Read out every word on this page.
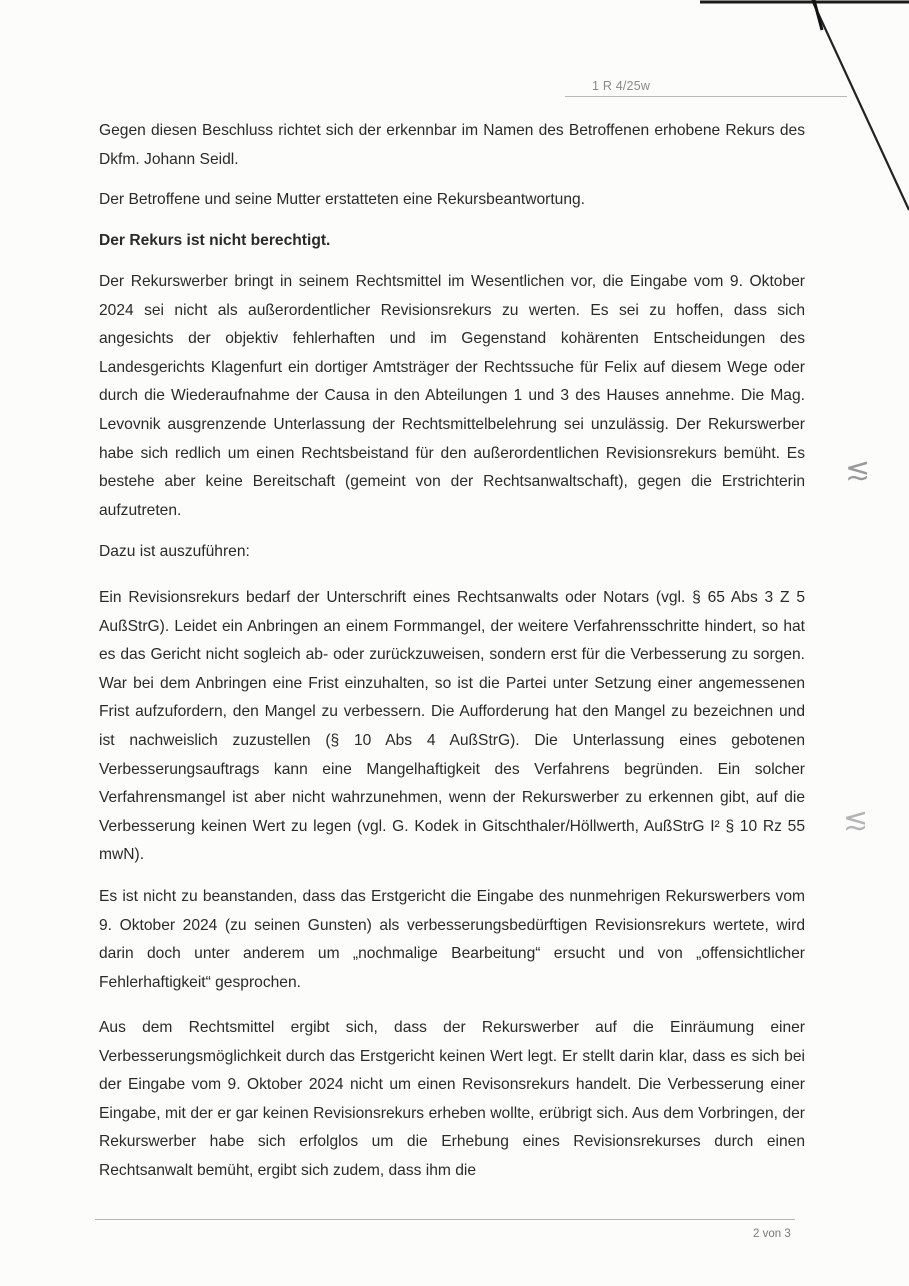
1 R 4/25w

Gegen diesen Beschluss richtet sich der erkennbar im Namen des Betroffenen erhobene Rekurs des Dkfm. Johann Seidl.

Der Betroffene und seine Mutter erstatteten eine Rekursbeantwortung.

Der Rekurs ist nicht berechtigt.

Der Rekurswerber bringt in seinem Rechtsmittel im Wesentlichen vor, die Eingabe vom 9. Oktober 2024 sei nicht als außerordentlicher Revisionsrekurs zu werten. Es sei zu hoffen, dass sich angesichts der objektiv fehlerhaften und im Gegenstand kohärenten Entscheidungen des Landesgerichts Klagenfurt ein dortiger Amtsträger der Rechtssuche für Felix auf diesem Wege oder durch die Wiederaufnahme der Causa in den Abteilungen 1 und 3 des Hauses annehme. Die Mag. Levovnik ausgrenzende Unterlassung der Rechtsmittelbelehrung sei unzulässig. Der Rekurswerber habe sich redlich um einen Rechtsbeistand für den außerordentlichen Revisionsrekurs bemüht. Es bestehe aber keine Bereitschaft (gemeint von der Rechtsanwaltschaft), gegen die Erstrichterin aufzutreten.

Dazu ist auszuführen:

Ein Revisionsrekurs bedarf der Unterschrift eines Rechtsanwalts oder Notars (vgl. § 65 Abs 3 Z 5 AußStrG). Leidet ein Anbringen an einem Formmangel, der weitere Verfahrensschritte hindert, so hat es das Gericht nicht sogleich ab- oder zurückzuweisen, sondern erst für die Verbesserung zu sorgen. War bei dem Anbringen eine Frist einzuhalten, so ist die Partei unter Setzung einer angemessenen Frist aufzufordern, den Mangel zu verbessern. Die Aufforderung hat den Mangel zu bezeichnen und ist nachweislich zuzustellen (§ 10 Abs 4 AußStrG). Die Unterlassung eines gebotenen Verbesserungsauftrags kann eine Mangelhaftigkeit des Verfahrens begründen. Ein solcher Verfahrensmangel ist aber nicht wahrzunehmen, wenn der Rekurswerber zu erkennen gibt, auf die Verbesserung keinen Wert zu legen (vgl. G. Kodek in Gitschthaler/Höllwerth, AußStrG I² § 10 Rz 55 mwN).

Es ist nicht zu beanstanden, dass das Erstgericht die Eingabe des nunmehrigen Rekurswerbers vom 9. Oktober 2024 (zu seinen Gunsten) als verbesserungsbedürftigen Revisionsrekurs wertete, wird darin doch unter anderem um „nochmalige Bearbeitung“ ersucht und von „offensichtlicher Fehlerhaftigkeit“ gesprochen.

Aus dem Rechtsmittel ergibt sich, dass der Rekurswerber auf die Einräumung einer Verbesserungsmöglichkeit durch das Erstgericht keinen Wert legt. Er stellt darin klar, dass es sich bei der Eingabe vom 9. Oktober 2024 nicht um einen Revisonsrekurs handelt. Die Verbesserung einer Eingabe, mit der er gar keinen Revisionsrekurs erheben wollte, erübrigt sich. Aus dem Vorbringen, der Rekurswerber habe sich erfolglos um die Erhebung eines Revisionsrekurses durch einen Rechtsanwalt bemüht, ergibt sich zudem, dass ihm die

≲
≲
2 von 3
